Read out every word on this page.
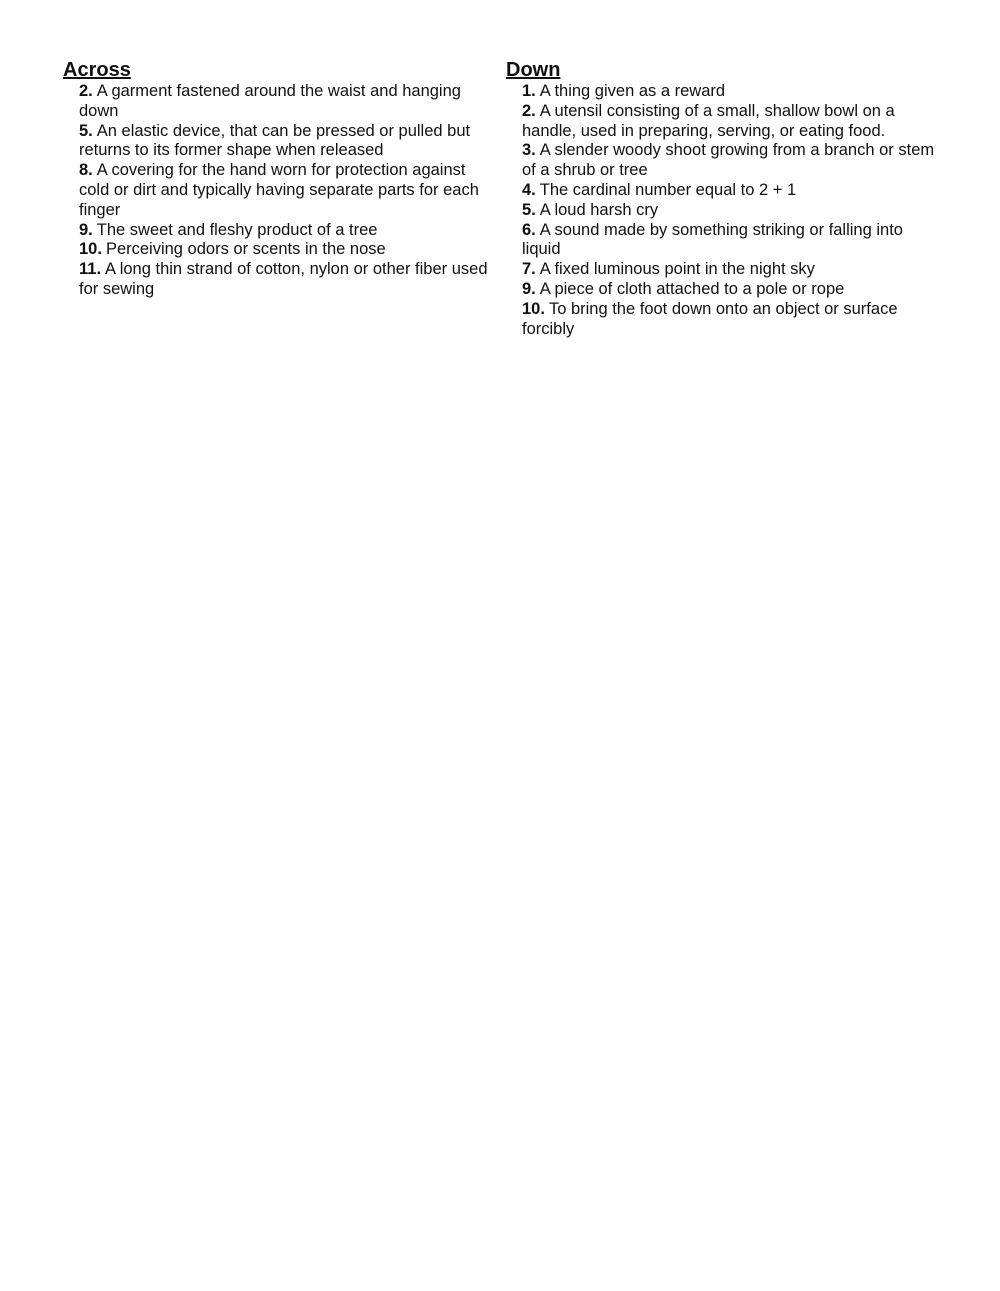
Across
2. A garment fastened around the waist and hanging down
5. An elastic device, that can be pressed or pulled but returns to its former shape when released
8. A covering for the hand worn for protection against cold or dirt and typically having separate parts for each finger
9. The sweet and fleshy product of a tree
10. Perceiving odors or scents in the nose
11. A long thin strand of cotton, nylon or other fiber used for sewing
Down
1. A thing given as a reward
2. A utensil consisting of a small, shallow bowl on a handle, used in preparing, serving, or eating food.
3. A slender woody shoot growing from a branch or stem of a shrub or tree
4. The cardinal number equal to 2 + 1
5. A loud harsh cry
6. A sound made by something striking or falling into liquid
7. A fixed luminous point in the night sky
9. A piece of cloth attached to a pole or rope
10. To bring the foot down onto an object or surface forcibly
